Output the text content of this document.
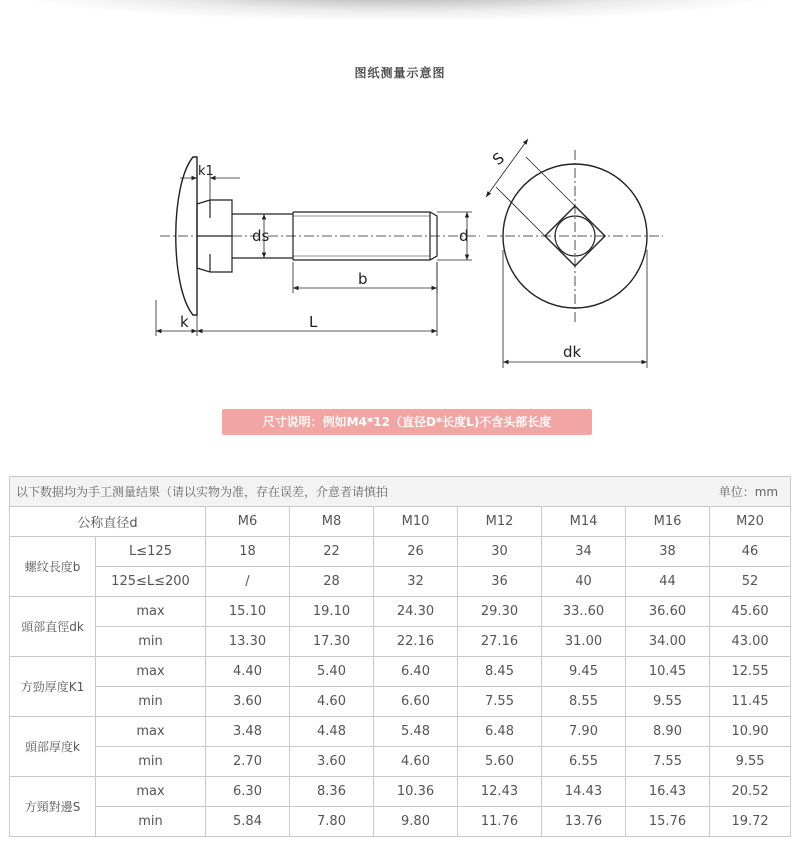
图纸测量示意图
k1
ds	d
b
k	L
S
dk
尺寸说明：例如M4*12（直径D*长度L)不含头部长度
以下数据均为手工测量结果（请以实物为准，存在误差，介意者请慎拍 单位：mm								

公称直径d		M6	M8	M10	M12	M14	M16	M20
螺纹長度b	L≤125	18	22	26	30	34	38	46
	125≤L≤200	/	28	32	36	40	44	52
頭部直徑dk	max	15.10	19.10	24.30	29.30	33..60	36.60	45.60
	min	13.30	17.30	22.16	27.16	31.00	34.00	43.00
方勁厚度K1	max	4.40	5.40	6.40	8.45	9.45	10.45	12.55
	min	3.60	4.60	6.60	7.55	8.55	9.55	11.45
頭部厚度k	max	3.48	4.48	5.48	6.48	7.90	8.90	10.90
	min	2.70	3.60	4.60	5.60	6.55	7.55	9.55
方頸對邊S	max	6.30	8.36	10.36	12.43	14.43	16.43	20.52
	min	5.84	7.80	9.80	11.76	13.76	15.76	19.72
